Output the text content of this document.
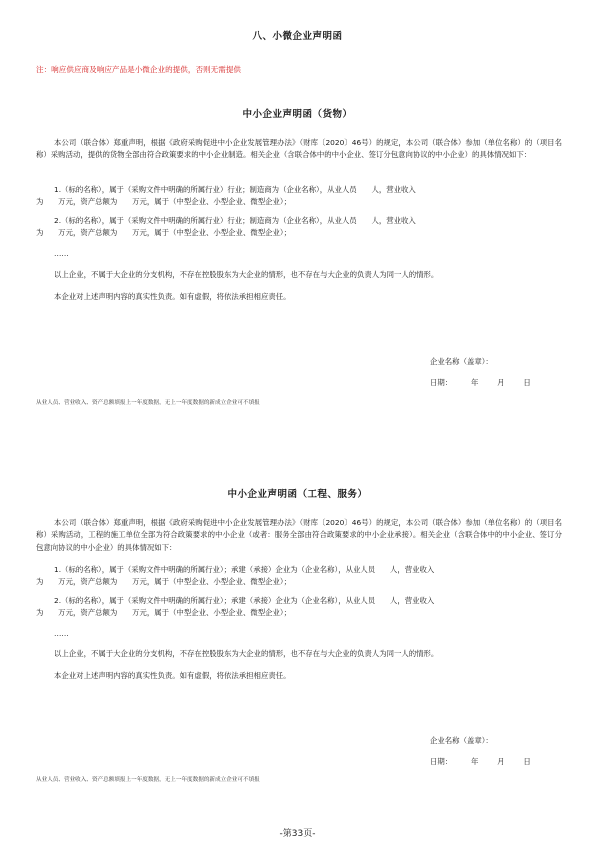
八、小微企业声明函
注：响应供应商及响应产品是小微企业的提供，否则无需提供
中小企业声明函（货物）
本公司（联合体）郑重声明，根据《政府采购促进中小企业发展管理办法》（财库〔2020〕46号）的规定，本公司（联合体）参加（单位名称）的（项目名称）采购活动，提供的货物全部由符合政策要求的中小企业制造。相关企业（含联合体中的中小企业、签订分包意向协议的中小企业）的具体情况如下：
1.（标的名称），属于（采购文件中明确的所属行业）行业；制造商为（企业名称），从业人员　　人，营业收入
为　　万元，资产总额为　　万元，属于（中型企业、小型企业、微型企业）；
2.（标的名称），属于（采购文件中明确的所属行业）行业；制造商为（企业名称），从业人员　　人，营业收入
为　　万元，资产总额为　　万元，属于（中型企业、小型企业、微型企业）；
……
以上企业，不属于大企业的分支机构，不存在控股股东为大企业的情形，也不存在与大企业的负责人为同一人的情形。
本企业对上述声明内容的真实性负责。如有虚假，将依法承担相应责任。
企业名称（盖章）：
日期：        年        月        日
从业人员、营业收入、资产总额填报上一年度数据，无上一年度数据的新成立企业可不填报
中小企业声明函（工程、服务）
本公司（联合体）郑重声明，根据《政府采购促进中小企业发展管理办法》（财库〔2020〕46号）的规定，本公司（联合体）参加（单位名称）的（项目名称）采购活动，工程的施工单位全部为符合政策要求的中小企业（或者：服务全部由符合政策要求的中小企业承接）。相关企业（含联合体中的中小企业、签订分包意向协议的中小企业）的具体情况如下：
1.（标的名称），属于（采购文件中明确的所属行业）；承建（承接）企业为（企业名称），从业人员　　人，营业收入
为　　万元，资产总额为　　万元，属于（中型企业、小型企业、微型企业）；
2.（标的名称），属于（采购文件中明确的所属行业）；承建（承接）企业为（企业名称），从业人员　　人，营业收入
为　　万元，资产总额为　　万元，属于（中型企业、小型企业、微型企业）；
……
以上企业，不属于大企业的分支机构，不存在控股股东为大企业的情形，也不存在与大企业的负责人为同一人的情形。
本企业对上述声明内容的真实性负责。如有虚假，将依法承担相应责任。
企业名称（盖章）：
日期：        年        月        日
从业人员、营业收入、资产总额填报上一年度数据，无上一年度数据的新成立企业可不填报
-第33页-
